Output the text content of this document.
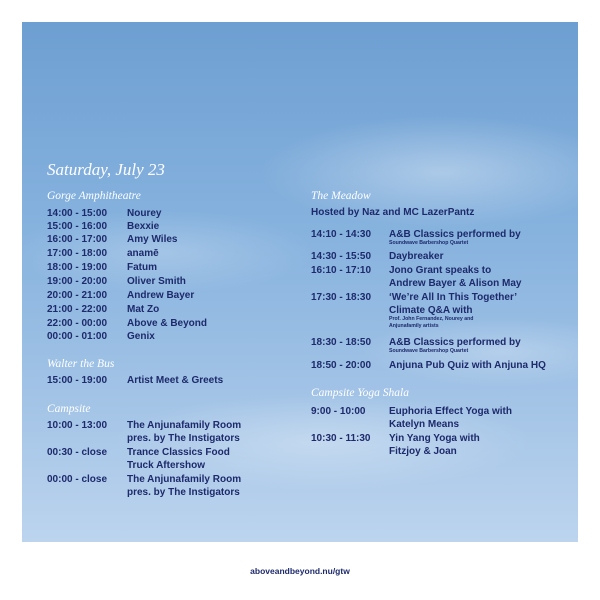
Saturday, July 23
Gorge Amphitheatre
14:00 - 15:00	Nourey
15:00 - 16:00	Bexxie
16:00 - 17:00	Amy Wiles
17:00 - 18:00	anamē
18:00 - 19:00	Fatum
19:00 - 20:00	Oliver Smith
20:00 - 21:00	Andrew Bayer
21:00 - 22:00	Mat Zo
22:00 - 00:00	Above & Beyond
00:00 - 01:00	Genix
Walter the Bus
15:00 - 19:00	Artist Meet & Greets
Campsite
10:00 - 13:00	The Anjunafamily Room
pres. by The Instigators
00:30 - close	Trance Classics Food
Truck Aftershow
00:00 - close	The Anjunafamily Room
pres. by The Instigators
The Meadow
Hosted by Naz and MC LazerPantz
14:10 - 14:30	A&B Classics performed by
Soundwave Barbershop Quartet
14:30 - 15:50	Daybreaker
16:10 - 17:10	Jono Grant speaks to
Andrew Bayer & Alison May
17:30 - 18:30	‘We’re All In This Together’
Climate Q&A with
Prof. John Fernandez, Nourey and
Anjunafamily artists
18:30 - 18:50	A&B Classics performed by
Soundwave Barbershop Quartet
18:50 - 20:00	Anjuna Pub Quiz with Anjuna HQ
Campsite Yoga Shala
9:00 - 10:00	Euphoria Effect Yoga with
Katelyn Means
10:30 - 11:30	Yin Yang Yoga with
Fitzjoy & Joan
aboveandbeyond.nu/gtw
